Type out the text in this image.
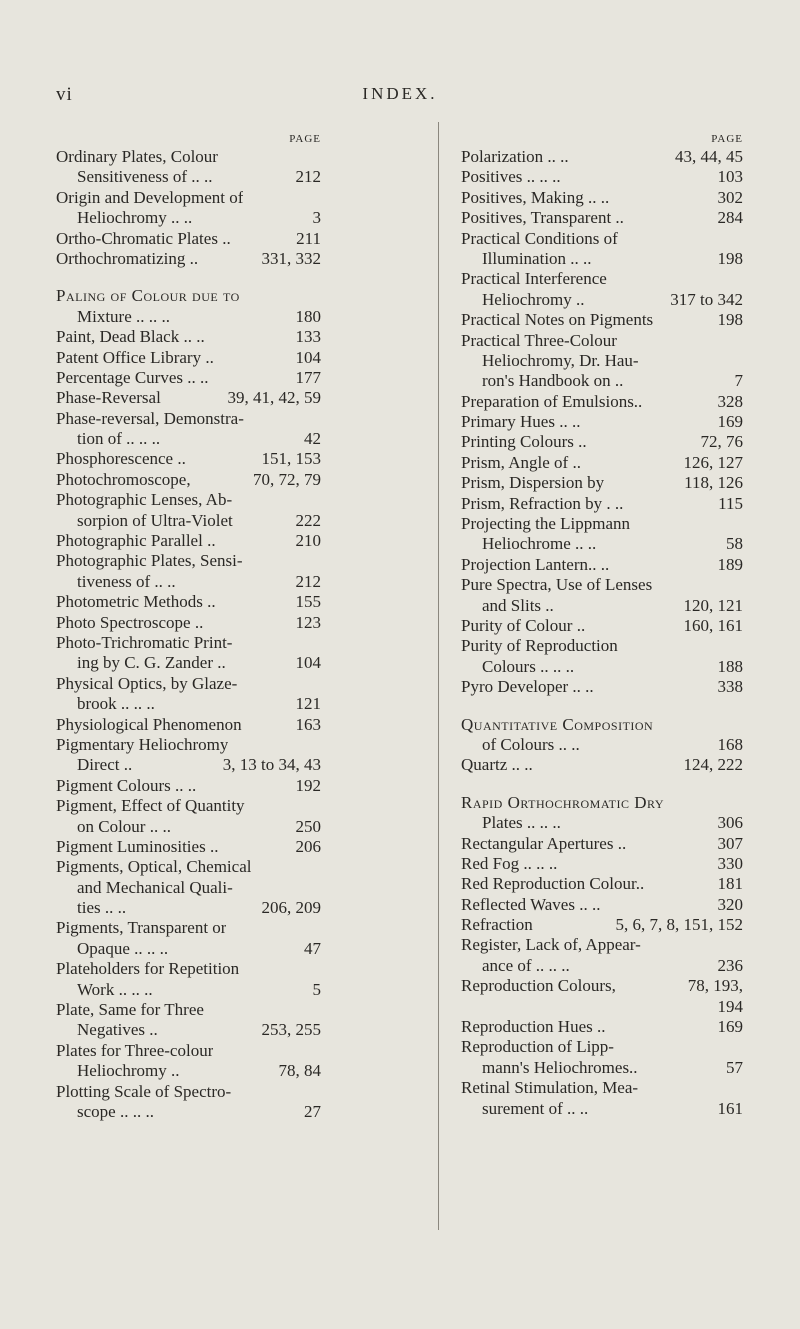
vi	INDEX.
PAGE
Ordinary Plates, Colour
Sensitiveness of .. ..	212
Origin and Development of
Heliochromy .. ..	3
Ortho-Chromatic Plates ..	211
Orthochromatizing ..	331, 332
Paling of Colour due to
Mixture .. .. ..	180
Paint, Dead Black .. ..	133
Patent Office Library ..	104
Percentage Curves .. ..	177
Phase-Reversal	39, 41, 42, 59
Phase-reversal, Demonstra-
tion of .. .. ..	42
Phosphorescence ..	151, 153
Photochromoscope,	70, 72, 79
Photographic Lenses, Ab-
sorpion of Ultra-Violet	222
Photographic Parallel ..	210
Photographic Plates, Sensi-
tiveness of .. ..	212
Photometric Methods ..	155
Photo Spectroscope ..	123
Photo-Trichromatic Print-
ing by C. G. Zander ..	104
Physical Optics, by Glaze-
brook .. .. ..	121
Physiological Phenomenon	163
Pigmentary Heliochromy
Direct ..	3, 13 to 34, 43
Pigment Colours .. ..	192
Pigment, Effect of Quantity
on Colour .. ..	250
Pigment Luminosities ..	206
Pigments, Optical, Chemical
and Mechanical Quali-
ties .. ..	206, 209
Pigments, Transparent or
Opaque .. .. ..	47
Plateholders for Repetition
Work .. .. ..	5
Plate, Same for Three
Negatives ..	253, 255
Plates for Three-colour
Heliochromy ..	78, 84
Plotting Scale of Spectro-
scope .. .. ..	27
PAGE
Polarization .. ..	43, 44, 45
Positives .. .. ..	103
Positives, Making .. ..	302
Positives, Transparent ..	284
Practical Conditions of
Illumination .. ..	198
Practical Interference
Heliochromy ..	317 to 342
Practical Notes on Pigments	198
Practical Three-Colour
Heliochromy, Dr. Hau-
ron's Handbook on ..	7
Preparation of Emulsions..	328
Primary Hues .. ..	169
Printing Colours ..	72, 76
Prism, Angle of ..	126, 127
Prism, Dispersion by	118, 126
Prism, Refraction by . ..	115
Projecting the Lippmann
Heliochrome .. ..	58
Projection Lantern.. ..	189
Pure Spectra, Use of Lenses
and Slits ..	120, 121
Purity of Colour ..	160, 161
Purity of Reproduction
Colours .. .. ..	188
Pyro Developer .. ..	338
Quantitative Composition
of Colours .. ..	168
Quartz .. ..	124, 222
Rapid Orthochromatic Dry
Plates .. .. ..	306
Rectangular Apertures ..	307
Red Fog .. .. ..	330
Red Reproduction Colour..	181
Reflected Waves .. ..	320
Refraction	5, 6, 7, 8, 151, 152
Register, Lack of, Appear-
ance of .. .. ..	236
Reproduction Colours,	78, 193,
194
Reproduction Hues ..	169
Reproduction of Lipp-
mann's Heliochromes..	57
Retinal Stimulation, Mea-
surement of .. ..	161
